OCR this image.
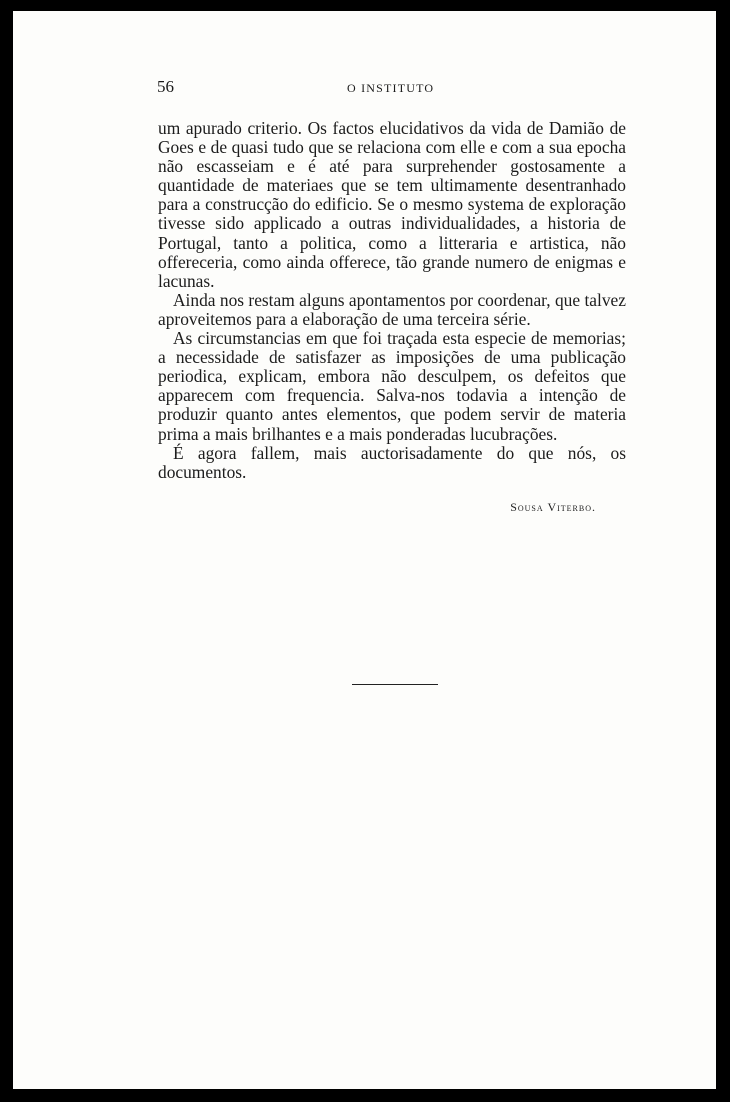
56	O INSTITUTO

um apurado criterio. Os factos elucidativos da vida de Damião de Goes e de quasi tudo que se relaciona com elle e com a sua epocha não escasseiam e é até para surprehender gostosamente a quantidade de materiaes que se tem ultimamente desentranhado para a construcção do edificio. Se o mesmo systema de exploração tivesse sido applicado a outras individualidades, a historia de Portugal, tanto a politica, como a litteraria e artistica, não offereceria, como ainda offerece, tão grande numero de enigmas e lacunas.

Ainda nos restam alguns apontamentos por coordenar, que talvez aproveitemos para a elaboração de uma terceira série.

As circumstancias em que foi traçada esta especie de memorias; a necessidade de satisfazer as imposições de uma publicação periodica, explicam, embora não desculpem, os defeitos que apparecem com frequencia. Salva-nos todavia a intenção de produzir quanto antes elementos, que podem servir de materia prima a mais brilhantes e a mais ponderadas lucubrações.

É agora fallem, mais auctorisadamente do que nós, os documentos.

Sousa Viterbo.
